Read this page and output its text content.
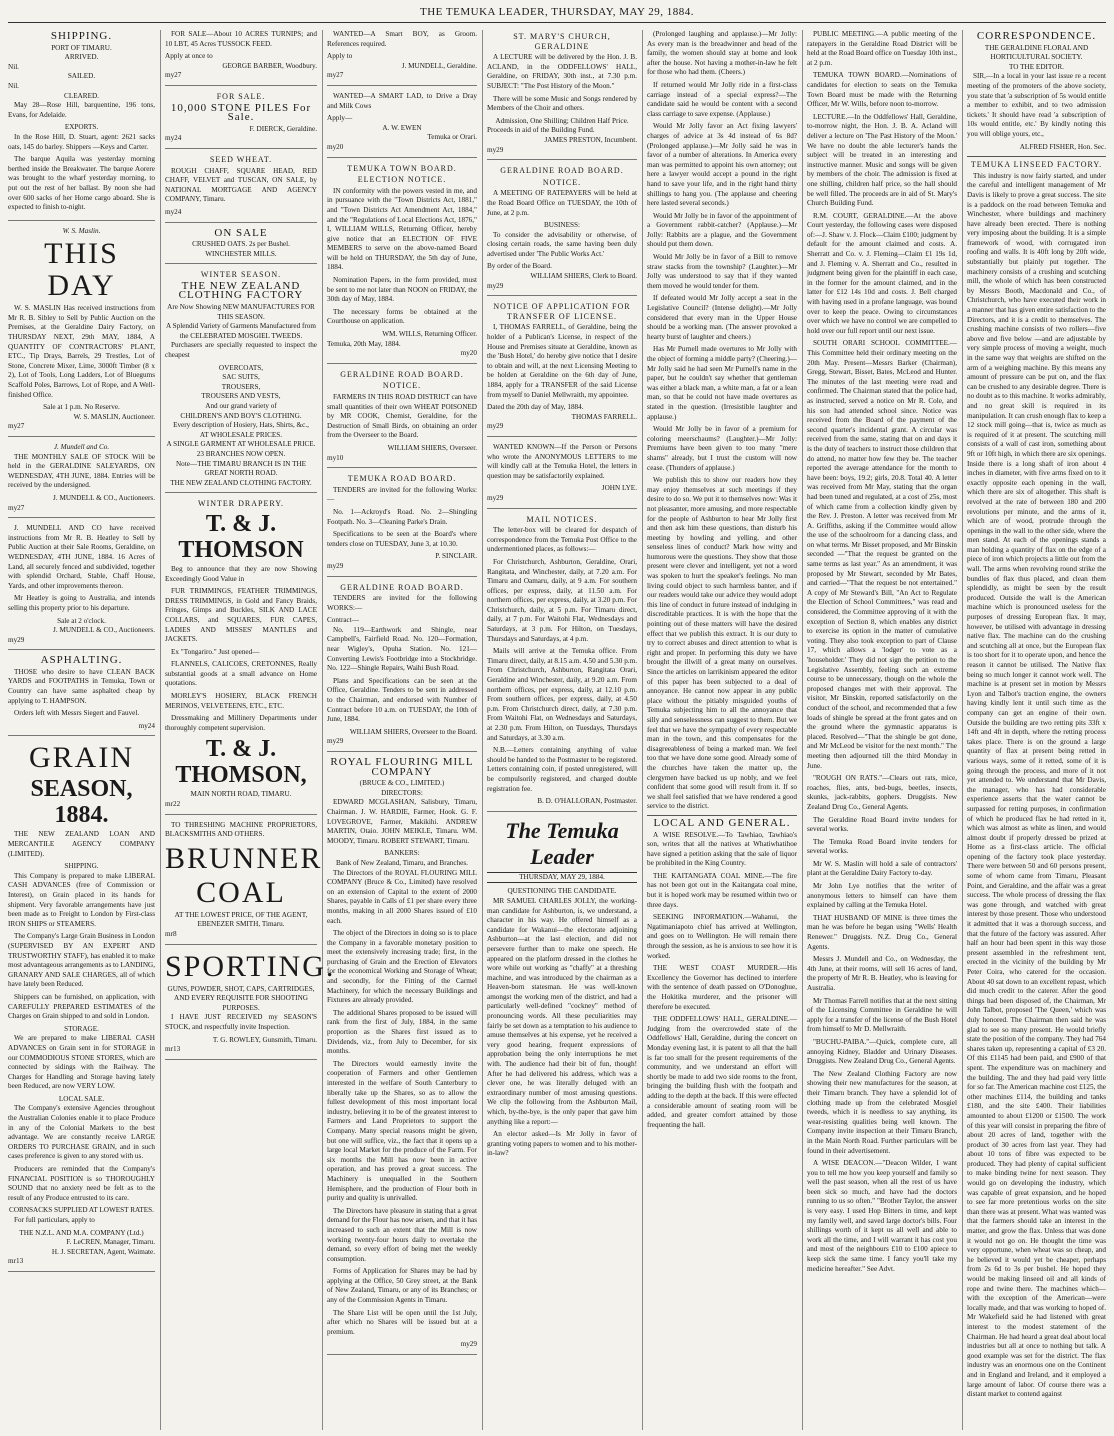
THE TEMUKA LEADER, THURSDAY, MAY 29, 1884.
SHIPPING.
PORT OF TIMARU.
ARRIVED.
Nil.
SAILED.
Nil.
CLEARED.

May 28—Rose Hill, barquentine, 196 tons, Evans, for Adelaide.

EXPORTS.

In the Rose Hill, D. Stuart, agent: 2621 sacks oats, 145 do barley. Shippers —Keys and Carter.

The barque Aquila was yesterday morning berthed inside the Breakwater. The barque Aorere was brought to the wharf yesterday morning, to put out the rest of her ballast. By noon she had over 600 sacks of her Home cargo aboard. She is expected to finish to-night.

W. S. Maslin.
THIS DAY

W. S. MASLIN Has received instructions from Mr R. B. Sibley to Sell by Public Auction on the Premises, at the Geraldine Dairy Factory, on THURSDAY NEXT, 29th MAY, 1884, A QUANTITY OF CONTRACTORS' PLANT, ETC., Tip Drays, Barrels, 29 Trestles, Lot of Stone, Concrete Mixer, Lime, 3000ft Timber (8 x 2), Lot of Tools, Long Ladders, Lot of Bluegums Scaffold Poles, Barrows, Lot of Rope, and A Well-finished Office.

Sale at 1 p.m. No Reserve.
W. S. MASLIN, Auctioneer.
my27
J. Mundell and Co.

THE MONTHLY SALE OF STOCK Will be held in the GERALDINE SALEYARDS, ON WEDNESDAY, 4TH JUNE, 1884. Entries will be received by the undersigned.

J. MUNDELL & CO., Auctioneers.
my27

J. MUNDELL AND CO have received instructions from Mr R. B. Heatley to Sell by Public Auction at their Sale Rooms, Geraldine, on WEDNESDAY, 4TH JUNE, 1884. 16 Acres of Land, all securely fenced and subdivided, together with splendid Orchard, Stable, Chaff House, Yards, and other improvements thereon.

Mr Heatley is going to Australia, and intends selling this property prior to his departure.

Sale at 2 o'clock.
J. MUNDELL & CO., Auctioneers.
my29
ASPHALTING.

THOSE who desire to have CLEAN BACK YARDS and FOOTPATHS in Temuka, Town or Country can have same asphalted cheap by applying to T. HAMPSON.

Orders left with Messrs Siegert and Fauvel.

my24
GRAIN
SEASON, 1884.

THE NEW ZEALAND LOAN AND MERCANTILE AGENCY COMPANY (LIMITED).

SHIPPING.

This Company is prepared to make LIBERAL CASH ADVANCES (free of Commission or Interest), on Grain placed in its hands for shipment. Very favorable arrangements have just been made as to Freight to London by First-class IRON SHIPS or STEAMERS.

The Company's Large Grain Business in London (SUPERVISED BY AN EXPERT AND TRUSTWORTHY STAFF), has enabled it to make most advantageous arrangements as to LANDING, GRANARY AND SALE CHARGES, all of which have lately been Reduced.

Shippers can be furnished, on application, with CAREFULLY PREPARED ESTIMATES of the Charges on Grain shipped to and sold in London.

STORAGE.

We are prepared to make LIBERAL CASH ADVANCES on Grain sent in for STORAGE in our COMMODIOUS STONE STORES, which are connected by sidings with the Railway. The Charges for Handling and Storage having lately been Reduced, are now VERY LOW.

LOCAL SALE.

The Company's extensive Agencies throughout the Australian Colonies enable it to place Produce in any of the Colonial Markets to the best advantage. We are constantly receive LARGE ORDERS TO PURCHASE GRAIN, and in such cases preference is given to any stored with us.

Producers are reminded that the Company's FINANCIAL POSITION is so THOROUGHLY SOUND that no anxiety need be felt as to the result of any Produce entrusted to its care.

CORNSACKS SUPPLIED AT LOWEST RATES.

For full particulars, apply to

THE N.Z.L. AND M.A. COMPANY (Ltd.)
F. LeCREN, Manager, Timaru.
H. J. SECRETAN, Agent, Waimate.
mr13

FOR SALE—About 10 ACRES TURNIPS; and 10 LBT, 45 Acres TUSSOCK FEED.

Apply at once to
GEORGE BARBER, Woodbury.
my27
FOR SALE.
10,000 STONE PILES For Sale.
F. DIERCK, Geraldine.
my24
SEED WHEAT.

ROUGH CHAFF, SQUARE HEAD, RED CHAFF, VELVET and TUSCAN, ON SALE, by NATIONAL MORTGAGE AND AGENCY COMPANY, Timaru.

my24
ON SALE
CRUSHED OATS. 2s per Bushel.
WINCHESTER MILLS.
WINTER SEASON.
THE NEW ZEALAND CLOTHING FACTORY
Are Now Showing NEW MANUFACTURES FOR THIS SEASON.
A Splendid Variety of Garments Manufactured from the CELEBRATED MOSGIEL TWEEDS.

Purchasers are specially requested to inspect the cheapest

OVERCOATS,
SAC SUITS,
TROUSERS,
TROUSERS AND VESTS,
And our grand variety of
CHILDREN'S AND BOY'S CLOTHING.
Every description of Hosiery, Hats, Shirts, &c.,
AT WHOLESALE PRICES.
A SINGLE GARMENT AT WHOLESALE PRICE.
23 BRANCHES NOW OPEN.
Note—THE TIMARU BRANCH IS IN THE GREAT NORTH ROAD.
THE NEW ZEALAND CLOTHING FACTORY.
WINTER DRAPERY.
T. & J. THOMSON

Beg to announce that they are now Showing Exceedingly Good Value in

FUR TRIMMINGS, FEATHER TRIMMINGS, DRESS TRIMMINGS, in Gold and Fancy Braids, Fringes, Gimps and Buckles, SILK AND LACE COLLARS, and SQUARES, FUR CAPES, LADIES AND MISSES' MANTLES and JACKETS.

Ex "Tongariro." Just opened—

FLANNELS, CALICOES, CRETONNES, Really substantial goods at a small advance on Home quotations.

MORLEY'S HOSIERY, BLACK FRENCH MERINOS, VELVETEENS, ETC., ETC.

Dressmaking and Millinery Departments under thoroughly competent supervision.

T. & J. THOMSON,
MAIN NORTH ROAD, TIMARU.
mr22

TO THRESHING MACHINE PROPRIETORS, BLACKSMITHS AND OTHERS.

BRUNNER
COAL
AT THE LOWEST PRICE, OF THE AGENT,
EBENEZER SMITH, Timaru.
mr8
SPORTING.
GUNS, POWDER, SHOT, CAPS, CARTRIDGES, AND EVERY REQUISITE FOR SHOOTING PURPOSES.

I HAVE JUST RECEIVED my SEASON'S STOCK, and respectfully invite Inspection.

T. G. ROWLEY, Gunsmith, Timaru.
mr13

WANTED—A Smart BOY, as Groom. References required.

Apply to
J. MUNDELL, Geraldine.
my27

WANTED—A SMART LAD, to Drive a Dray and Milk Cows

Apply—
A. W. EWEN
Temuka or Orari.
my20
TEMUKA TOWN BOARD.
ELECTION NOTICE.

IN conformity with the powers vested in me, and in pursuance with the "Town Districts Act, 1881," and "Town Districts Act Amendment Act, 1884," and the "Regulations of Local Elections Act, 1876," I, WILLIAM WILLS, Returning Officer, hereby give notice that an ELECTION OF FIVE MEMBERS to serve on the above-named Board will be held on THURSDAY, the 5th day of June, 1884.

Nomination Papers, in the form provided, must be sent to me not later than NOON on FRIDAY, the 30th day of May, 1884.

The necessary forms be obtained at the Courthouse on application.

WM. WILLS, Returning Officer.
Temuka, 20th May, 1884.
my20
GERALDINE ROAD BOARD.
NOTICE.

FARMERS IN THIS ROAD DISTRICT can have small quantities of their own WHEAT POISONED by MR COOK, Chemist, Geraldine, for the Destruction of Small Birds, on obtaining an order from the Overseer to the Board.

WILLIAM SHIERS, Overseer.
my10
TEMUKA ROAD BOARD.

TENDERS are invited for the following Works:—

No. 1—Ackroyd's Road. No. 2—Shingling Footpath. No. 3—Cleaning Parke's Drain.

Specifications to be seen at the Board's where tenders close on TUESDAY, June 3, at 10.30.

P. SINCLAIR.
my29
GERALDINE ROAD BOARD.

TENDERS are invited for the following WORKS:—

Contract—

No. 119—Earthwork and Shingle, near Campbell's, Fairfield Road. No. 120—Formation, near Wigley's, Opuha Station. No. 121—Converting Lewis's Footbridge into a Stockbridge. No. 122—Shingle Repairs, Waihi Bush Road.

Plans and Specifications can be seen at the Office, Geraldine. Tenders to be sent in addressed to the Chairman, and endorsed with Number of Contract before 10 a.m. on TUESDAY, the 10th of June, 1884.

WILLIAM SHIERS, Overseer to the Board.
my29
ROYAL FLOURING MILL COMPANY
(BRUCE & CO., LIMITED.)
DIRECTORS:

EDWARD MCGLASHAN, Salisbury, Timaru, Chairman. J. W. HARDIE, Farmer, Hook. G. F. LOVEGROVE, Farmer, Makikihi. ANDREW MARTIN, Otaio. JOHN MEIKLE, Timaru. WM. MOODY, Timaru. ROBERT STEWART, Timaru.

BANKERS:
Bank of New Zealand, Timaru, and Branches.

The Directors of the ROYAL FLOURING MILL COMPANY (Bruce & Co., Limited) have resolved on an extension of Capital to the extent of 2000 Shares, payable in Calls of £1 per share every three months, making in all 2000 Shares issued of £10 each.

The object of the Directors in doing so is to place the Company in a favorable monetary position to meet the extensively increasing trade; first, in the purchasing of Grain and the Erection of Elevators for the economical Working and Storage of Wheat; and secondly, for the Fitting of the Carmel Machinery, for which the necessary Buildings and Fixtures are already provided.

The additional Shares proposed to be issued will rank from the first of July, 1884, in the same proportion as the Shares first issued as to Dividends, viz., from July to December, for six months.

The Directors would earnestly invite the cooperation of Farmers and other Gentlemen interested in the welfare of South Canterbury to liberally take up the Shares, so as to allow the fullest development of this most important local industry, believing it to be of the greatest interest to Farmers and Land Proprietors to support the Company. Many special reasons might be given, but one will suffice, viz., the fact that it opens up a large local Market for the produce of the Farm. For six months the Mill has now been in active operation, and has proved a great success. The Machinery is unequalled in the Southern Hemisphere, and the production of Flour both in purity and quality is unrivalled.

The Directors have pleasure in stating that a great demand for the Flour has now arisen, and that it has increased to such an extent that the Mill is now working twenty-four hours daily to overtake the demand, so every effort of being met the weekly consumption.

Forms of Application for Shares may be had by applying at the Office, 50 Grey street, at the Bank of New Zealand, Timaru, or any of its Branches; or any of the Commission Agents in Timaru.

The Share List will be open until the 1st July, after which no Shares will be issued but at a premium.

my29
ST. MARY'S CHURCH, GERALDINE

A LECTURE will be delivered by the Hon. J. B. ACLAND, in the ODDFELLOWS' HALL, Geraldine, on FRIDAY, 30th inst., at 7.30 p.m. SUBJECT: "The Post History of the Moon."

There will be some Music and Songs rendered by Members of the Choir and others.

Admission, One Shilling; Children Half Price.
Proceeds in aid of the Building Fund.
JAMES PRESTON, Incumbent.
my29
GERALDINE ROAD BOARD.
NOTICE.

A MEETING OF RATEPAYERS will be held at the Road Board Office on TUESDAY, the 10th of June, at 2 p.m.

BUSINESS:

To consider the advisability or otherwise, of closing certain roads, the same having been duly advertised under 'The Public Works Act.'

By order of the Board.
WILLIAM SHIERS, Clerk to Board.
my29
NOTICE OF APPLICATION FOR TRANSFER OF LICENSE.

I, THOMAS FARRELL, of Geraldine, being the holder of a Publican's License, in respect of the House and Premises situate at Geraldine, known as the 'Bush Hotel,' do hereby give notice that I desire to obtain and will, at the next Licensing Meeting to be holden at Geraldine on the 6th day of June, 1884, apply for a TRANSFER of the said License from myself to Daniel Mellwraith, my appointee.

Dated the 20th day of May, 1884.
THOMAS FARRELL.
my29

WANTED KNOWN—If the Person or Persons who wrote the ANONYMOUS LETTERS to me will kindly call at the Temuka Hotel, the letters in question may be satisfactorily explained.

JOHN LYE.
my29
MAIL NOTICES.

The letter-box will be cleared for despatch of correspondence from the Temuka Post Office to the undermentioned places, as follows:—

For Christchurch, Ashburton, Geraldine, Orari, Rangitata, and Winchester, daily, at 7.20 a.m. For Timaru and Oamaru, daily, at 9 a.m. For southern offices, per express, daily, at 11.50 a.m. For northern offices, per express, daily, at 3.20 p.m. For Christchurch, daily, at 5 p.m. For Timaru direct, daily, at 7 p.m. For Waitohi Flat, Wednesdays and Saturdays, at 3 p.m. For Hilton, on Tuesdays, Thursdays and Saturdays, at 4 p.m.

Mails will arrive at the Temuka office. From Timaru direct, daily, at 8.15 a.m. 4.50 and 5.30 p.m. From Christchurch, Ashburton, Rangitata Orari, Geraldine and Winchester, daily, at 9.20 a.m. From northern offices, per express, daily, at 12.10 p.m. From southern offices, per express, daily, at 4.50 p.m. From Christchurch direct, daily, at 7.30 p.m. From Waitohi Flat, on Wednesdays and Saturdays, at 2.30 p.m. From Hilton, on Tuesdays, Thursdays and Saturdays, at 3.30 a.m.

N.B.—Letters containing anything of value should be handed to the Postmaster to be registered. Letters containing coin, if posted unregistered, will be compulsorily registered, and charged double registration fee.

B. D. O'HALLORAN, Postmaster.
The Temuka Leader
THURSDAY, MAY 29, 1884.
QUESTIONING THE CANDIDATE.

MR SAMUEL CHARLES JOLLY, the working-man candidate for Ashburton, is, we understand, a character in his way. He offered himself as a candidate for Wakanui—the electorate adjoining Ashburton—at the last election, and did not persevere further than to make one speech. He appeared on the platform dressed in the clothes he wore while out working as "chaffy" at a threshing machine, and was introduced by the chairman as a Heaven-born statesman. He was well-known amongst the working men of the district, and had a particularly well-defined "cockney" method of pronouncing words. All these peculiarities may fairly be set down as a temptation to his audience to amuse themselves at his expense, yet he received a very good hearing, frequent expressions of approbation being the only interruptions he met with. The audience had their bit of fun, though! After he had delivered his address, which was a clever one, he was literally deluged with an extraordinary number of most amusing questions. We clip the following from the Ashburton Mail, which, by-the-bye, is the only paper that gave him anything like a report:—

An elector asked—Is Mr Jolly in favor of granting voting papers to women and to his mother-in-law?

(Prolonged laughing and applause.)—Mr Jolly: As every man is the breadwinner and head of the family, the women should stay at home and look after the house. Not having a mother-in-law he felt for those who had them. (Cheers.)

If returned would Mr Jolly ride in a first-class carriage instead of a special express?—The candidate said he would be content with a second class carriage to save expense. (Applause.)

Would Mr Jolly favor an Act fixing lawyers' charges of advice at 3s 4d instead of 6s 8d? (Prolonged applause.)—Mr Jolly said he was in favor of a number of alterations. In America every man was permitted to appoint his own attorney; out here a lawyer would accept a pound in the right hand to save your life, and in the right hand thirty shillings to hang you. (The applause and cheering here lasted several seconds.)

Would Mr Jolly be in favor of the appointment of a Government rabbit-catcher? (Applause.)—Mr Jolly: Rabbits are a plague, and the Government should put them down.

Would Mr Jolly be in favor of a Bill to remove straw stacks from the township? (Laughter.)—Mr Jolly was understood to say that if they wanted them moved he would tender for them.

If defeated would Mr Jolly accept a seat in the Legislative Council? (Intense delight).—Mr Jolly considered that every man in the Upper House should be a working man. (The answer provoked a hearty burst of laughter and cheers.)

Has Mr Purnell made overtures to Mr Jolly with the object of forming a middle party? (Cheering.)—Mr Jolly said he had seen Mr Purnell's name in the paper, but he couldn't say whether that gentleman was either a black man, a white man, a fat or a lean man, so that he could not have made overtures as stated in the question. (Irresistible laughter and applause.)

Would Mr Jolly be in favor of a premium for coloring meerschaums? (Laughter.)—Mr Jolly: Premiums have been given to too many "mere shams" already, but I trust the custom will now cease. (Thunders of applause.)

We publish this to show our readers how they may enjoy themselves at such meetings if they desire to do so. We put it to themselves now: Was it not pleasanter, more amusing, and more respectable for the people of Ashburton to hear Mr Jolly first and then ask him these questions, than disturb his meeting by howling and yelling, and other senseless lines of conduct? Mark how witty and humorous were the questions. They show that those present were clever and intelligent, yet not a word was spoken to hurt the speaker's feelings. No man living could object to such harmless banter, and if our readers would take our advice they would adopt this line of conduct in future instead of indulging in discreditable practices. It is with the hope that the pointing out of these matters will have the desired effect that we publish this extract. It is our duty to try to correct abuses and direct attention to what is right and proper. In performing this duty we have brought the illwill of a great many on ourselves. Since the articles on larrikinism appeared the editor of this paper has been subjected to a deal of annoyance. He cannot now appear in any public place without the pitiably misguided youths of Temuka subjecting him to all the annoyance that silly and senselessness can suggest to them. But we feel that we have the sympathy of every respectable man in the town, and this compensates for the disagreeableness of being a marked man. We feel too that we have done some good. Already some of the churches have taken the matter up, the clergymen have backed us up nobly, and we feel confident that some good will result from it. If so we shall feel satisfied that we have rendered a good service to the district.

LOCAL AND GENERAL.

A WISE RESOLVE.—To Tawhiao, Tawhiao's son, writes that all the natives at Whatiwhatihoe have signed a petition asking that the sale of liquor be prohibited in the King Country.

THE KAITANGATA COAL MINE.—The fire has not been got out in the Kaitangata coal mine, but it is hoped work may be resumed within two or three days.

SEEKING INFORMATION.—Wahanui, the Ngatimaniapoto chief has arrived at Wellington, and goes on to Wellington. He will remain there through the session, as he is anxious to see how it is worked.

THE WEST COAST MURDER.—His Excellency the Governor has declined to interfere with the sentence of death passed on O'Donoghue, the Hokitika murderer, and the prisoner will therefore be executed.

THE ODDFELLOWS' HALL, GERALDINE.—Judging from the overcrowded state of the Oddfellows' Hall, Geraldine, during the concert on Monday evening last, it is patent to all that the hall is far too small for the present requirements of the community, and we understand an effort will shortly be made to add two side rooms to the front, bringing the building flush with the footpath and adding to the depth at the back. If this were effected a considerable amount of seating room will be added, and greater comfort attained by those frequenting the hall.

PUBLIC MEETING.—A public meeting of the ratepayers in the Geraldine Road District will be held at the Road Board office on Tuesday 10th inst., at 2 p.m.

TEMUKA TOWN BOARD.—Nominations of candidates for election to seats on the Temuka Town Board must be made with the Returning Officer, Mr W. Wills, before noon to-morrow.

LECTURE.—In the Oddfellows' Hall, Geraldine, to-morrow night, the Hon. J. B. A. Acland will deliver a lecture on 'The Past History of the Moon.' We have no doubt the able lecturer's hands the subject will be treated in an interesting and instructive manner. Music and songs will be given by members of the choir. The admission is fixed at one shilling, children half price, so the hall should be well filled. The proceeds are in aid of St. Mary's Church Building Fund.

R.M. COURT, GERALDINE.—At the above Court yesterday, the following cases were disposed of:—J. Shaw v. J. Flock—Claim £100; judgment by default for the amount claimed and costs. A. Sherratt and Co. v. J. Fleming—Claim £1 19s 1d, and J. Fleming v. A. Sherratt and Co., resulted in judgment being given for the plaintiff in each case, in the former for the amount claimed, and in the latter for £12 14s 10d and costs. J. Bell charged with having used in a profane language, was bound over to keep the peace. Owing to circumstances over which we have no control we are compelled to hold over our full report until our next issue.

SOUTH ORARI SCHOOL COMMITTEE.—This Committee held their ordinary meeting on the 20th May. Present—Messrs Barker (Chairman), Gregg, Stewart, Bisset, Bates, McLeod and Hunter. The minutes of the last meeting were read and confirmed. The Chairman stated that the police had, as instructed, served a notice on Mr R. Cole, and his son had attended school since. Notice was received from the Board of the payment of the second quarter's incidental grant. A circular was received from the same, stating that on and days it is the duty of teachers to instruct those children that do attend, no matter how few they be. The teacher reported the average attendance for the month to have been: boys, 19.2; girls, 20.8. Total 40. A letter was received from Mr May, stating that the organ had been tuned and regulated, at a cost of 25s, most of which came from a collection kindly given by the Rev. J. Preston. A letter was received from Mr A. Griffiths, asking if the Committee would allow the use of the schoolroom for a dancing class, and on what terms. Mr Bisset proposed, and Mr Binskin seconded —"That the request be granted on the same terms as last year." As an amendment, it was proposed by Mr Stewart, seconded by Mr Bates, and carried—"That the request be not entertained." A copy of Mr Steward's Bill, "An Act to Regulate the Election of School Committees," was read and considered, the Committee approving of it with the exception of Section 8, which enables any district to exercise its option in the matter of cumulative voting. They also took exception to part of Clause 17, which allows a 'lodger' to vote as a 'householder.' They did not sign the petition to the Legislative Assembly, feeling such an extreme course to be unnecessary, though on the whole the proposed changes met with their approval. The visitor, Mr Binskin, reported satisfactorily on the conduct of the school, and recommended that a few loads of shingle be spread at the front gates and on the ground where the gymnastic apparatus is placed. Resolved—"That the shingle be got done, and Mr McLeod be visitor for the next month." The meeting then adjourned till the third Monday in June.

"ROUGH ON RATS."—Clears out rats, mice, roaches, flies, ants, bed-bugs, beetles, insects, skunks, jack-rabbits, gophers. Druggists. New Zealand Drug Co., General Agents.

The Geraldine Road Board invite tenders for several works.

The Temuka Road Board invite tenders for several works.

Mr W. S. Maslin will hold a sale of contractors' plant at the Geraldine Dairy Factory to-day.

Mr John Lye notifies that the writer of anonymous letters to himself can have them explained by calling at the Temuka Hotel.

THAT HUSBAND OF MINE is three times the man he was before he began using "Wells' Health Renewer." Druggists. N.Z. Drug Co., General Agents.

Messrs J. Mundell and Co., on Wednesday, the 4th June, at their rooms, will sell 16 acres of land, the property of Mr R. B. Heatley, who is leaving for Australia.

Mr Thomas Farrell notifies that at the next sitting of the Licensing Committee in Geraldine he will apply for a transfer of the license of the Bush Hotel from himself to Mr D. Mellwraith.

"BUCHU-PAIBA."—Quick, complete cure, all annoying Kidney, Bladder and Urinary Diseases. Druggists. New Zealand Drug Co., General Agents.

The New Zealand Clothing Factory are now showing their new manufactures for the season, at their Timaru branch. They have a splendid lot of clothing made up from the celebrated Mosgiel tweeds, which it is needless to say anything, its wear-resisting qualities being well known. The Company invite inspection at their Timaru Branch, in the Main North Road. Further particulars will be found in their advertisement.

A WISE DEACON.—"Deacon Wilder, I want you to tell me how you keep yourself and family so well the past season, when all the rest of us have been sick so much, and have had the doctors running to us so often." "Brother Taylor, the answer is very easy. I used Hop Bitters in time, and kept my family well, and saved large doctor's bills. Four shillings worth of it kept us all well and able to work all the time, and I will warrant it has cost you and most of the neighbours £10 to £100 apiece to keep sick the same time. I fancy you'll take my medicine hereafter." See Advt.

CORRESPONDENCE.
THE GERALDINE FLORAL AND HORTICULTURAL SOCIETY.
TO THE EDITOR.

SIR,—In a local in your last issue re a recent meeting of the promoters of the above society, you state that 'a subscription of 5s would entitle a member to exhibit, and to two admission tickets.' It should have read 'a subscription of 10s would entitle, etc.' By kindly noting this you will oblige yours, etc.,

ALFRED FISHER, Hon. Sec.
TEMUKA LINSEED FACTORY.

This industry is now fairly started, and under the careful and intelligent management of Mr Davis is likely to prove a great success. The site is a paddock on the road between Temuka and Winchester, where buildings and machinery have already been erected. There is nothing very imposing about the building. It is a simple framework of wood, with corrugated iron roofing and walls. It is 40ft long by 20ft wide, substantially but plainly put together. The machinery consists of a crushing and scutching mill, the whole of which has been constructed by Messrs Booth, Macdonald and Co., of Christchurch, who have executed their work in a manner that has given entire satisfaction to the Directors, and it is a credit to themselves. The crushing machine consists of two rollers—five above and five below —and are adjustable by very simple process of moving a weight, much in the same way that weights are shifted on the arm of a weighing machine. By this means any amount of pressure can be put on, and the flax can be crushed to any desirable degree. There is no doubt as to this machine. It works admirably, and no great skill is required in its manipulation. It can crush enough flax to keep a 12 stock mill going—that is, twice as much as is required of it at present. The scutching mill consists of a wall of cast iron, something about 9ft or 10ft high, in which there are six openings. Inside there is a long shaft of iron about 4 inches in diameter, with five arms fixed on to it exactly opposite each opening in the wall, which there are six of altogether. This shaft is revolved at the rate of between 180 and 200 revolutions per minute, and the arms of it, which are of wood, protrude through the openings in the wall to the other side, where the men stand. At each of the openings stands a man holding a quantity of flax on the edge of a piece of iron which projects a little out from the wall. The arms when revolving round strike the bundles of flax thus placed, and clean them splendidly, as might be seen by the result produced. Outside the wall is the American machine which is pronounced useless for the purposes of dressing European flax. It may, however, be utilised with advantage in dressing native flax. The machine can do the crushing and scutching all at once, but the European flax is too short for it to operate upon, and hence the reason it cannot be utilised. The Native flax being so much longer it cannot work well. The machine is at present set in motion by Messrs Lyon and Talbot's traction engine, the owners having kindly lent it until such time as the company can get an engine of their own. Outside the building are two retting pits 33ft x 14ft and 4ft in depth, where the retting process takes place. There is on the ground a large quantity of flax at present being retted in various ways, some of it retted, some of it is going through the process, and more of it not yet attended to. We understand that Mr Davis, the manager, who has had considerable experience asserts that the water cannot be surpassed for retting purposes, in confirmation of which he produced flax he had retted in it, which was almost as white as linen, and would almost doubt if properly dressed be prized at Home as a first-class article. The official opening of the factory took place yesterday. There were between 50 and 60 persons present, some of whom came from Timaru, Pleasant Point, and Geraldine, and the affair was a great success. The whole process of dressing the flax was gone through, and watched with great interest by those present. Those who understood it admitted that it was a thorough success, and that the future of the factory was assured. After half an hour had been spent in this way those present assembled in the refreshment tent, erected in the vicinity of the building by Mr Peter Coira, who catered for the occasion. About 40 sat down to an excellent repast, which did much credit to the caterer. After the good things had been disposed of, the Chairman, Mr John Talbot, proposed 'The Queen,' which was duly honored. The Chairman then said he was glad to see so many present. He would briefly state the position of the company. They had 764 shares taken up, representing a capital of £3 20. Of this £1145 had been paid, and £900 of that spent. The expenditure was on machinery and the building. The and they had paid very little for so far. The American machine cost £125, the other machines £114, the building and tanks £180, and the site £400. Their liabilities amounted to about £1200 or £1500. The work of this year will consist in preparing the fibre of about 20 acres of land, together with the product of 30 acres from last year. They had about 10 tons of fibre was expected to be produced. They had plenty of capital sufficient to make binding twine for next season. They would go on developing the industry, which was capable of great expansion, and he hoped to see far more pretentious works on the site than there was at present. What was wanted was that the farmers should take an interest in the matter, and grow the flax. Unless that was done it would not go on. He thought the time was very opportune, when wheat was so cheap, and he believed it would yet be cheaper, perhaps from 2s 6d to 3s per bushel. He hoped they would be making linseed oil and all kinds of rope and twine there. The machines which—with the exception of the American—were locally made, and that was working to hoped of. Mr Wakefield said he had listened with great interest to the modest statement of the Chairman. He had heard a great deal about local industries but all at once to nothing but talk. A good example was set for the district. The flax industry was an enormous one on the Continent and in England and Ireland, and it employed a large amount of labor. Of course there was a distant market to contend against
